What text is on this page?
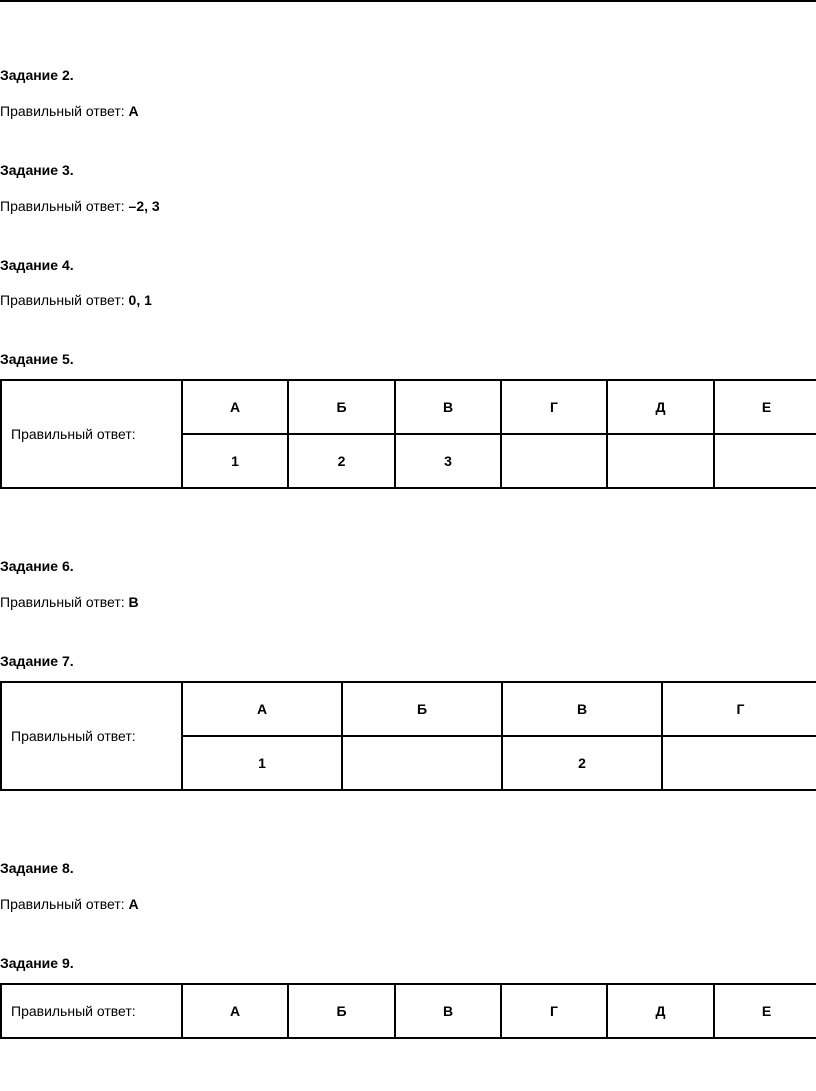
Задание 2.
Правильный ответ: А
Задание 3.
Правильный ответ: –2, 3
Задание 4.
Правильный ответ: 0, 1
Задание 5.
Правильный ответ:	А	Б	В	Г	Д	Е
	1	2	3			
Задание 6.
Правильный ответ: В
Задание 7.
Правильный ответ:	А	Б	В	Г
	1		2	
Задание 8.
Правильный ответ: А
Задание 9.
Правильный ответ:	А	Б	В	Г	Д	Е
